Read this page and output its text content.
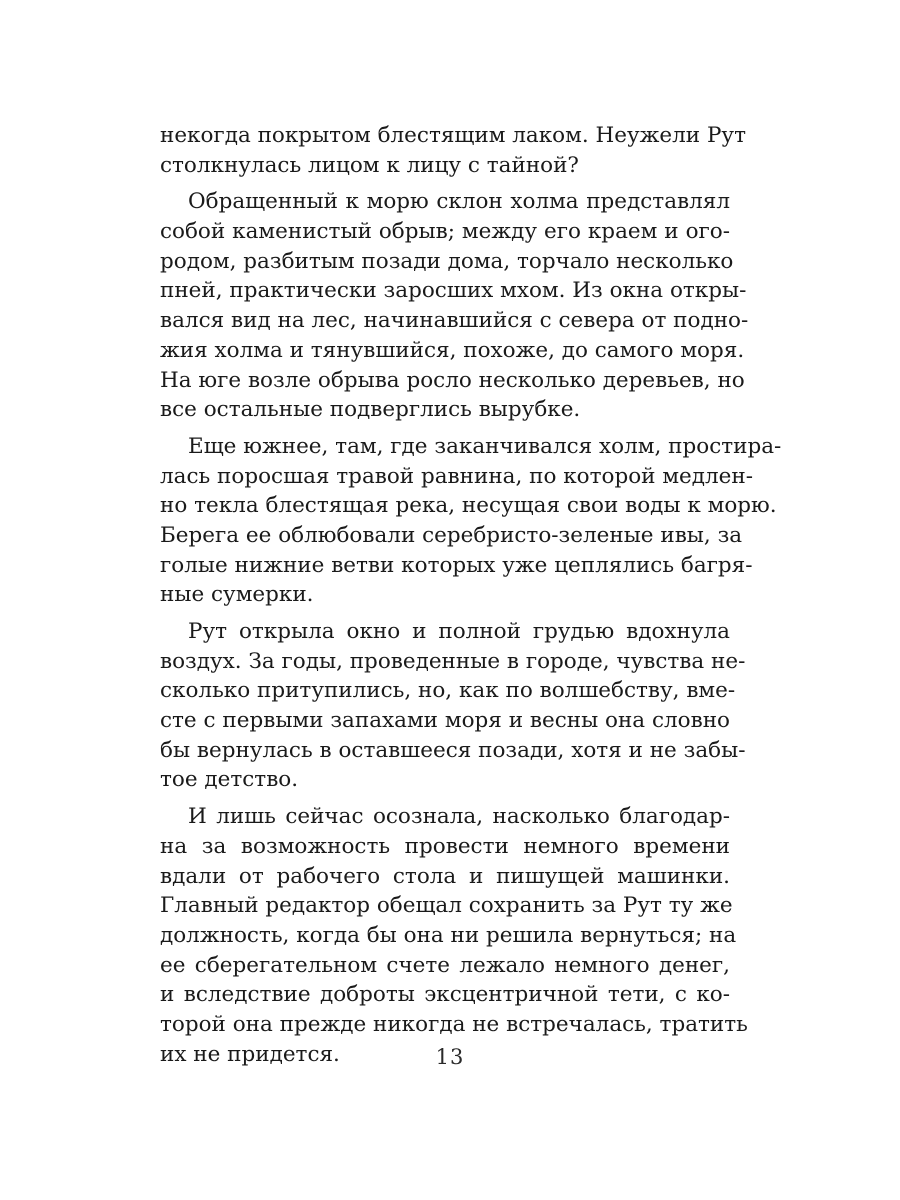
некогда покрытом блестящим лаком. Неужели Рут
столкнулась лицом к лицу с тайной?
Обращенный к морю склон холма представлял
собой каменистый обрыв; между его краем и ого-
родом, разбитым позади дома, торчало несколько
пней, практически заросших мхом. Из окна откры-
вался вид на лес, начинавшийся с севера от подно-
жия холма и тянувшийся, похоже, до самого моря.
На юге возле обрыва росло несколько деревьев, но
все остальные подверглись вырубке.
Еще южнее, там, где заканчивался холм, простира-
лась поросшая травой равнина, по которой медлен-
но текла блестящая река, несущая свои воды к морю.
Берега ее облюбовали серебристо-зеленые ивы, за
голые нижние ветви которых уже цеплялись багря-
ные сумерки.
Рут открыла окно и полной грудью вдохнула
воздух. За годы, проведенные в городе, чувства не-
сколько притупились, но, как по волшебству, вме-
сте с первыми запахами моря и весны она словно
бы вернулась в оставшееся позади, хотя и не забы-
тое детство.
И лишь сейчас осознала, насколько благодар-
на за возможность провести немного времени
вдали от рабочего стола и пишущей машинки.
Главный редактор обещал сохранить за Рут ту же
должность, когда бы она ни решила вернуться; на
ее сберегательном счете лежало немного денег,
и вследствие доброты эксцентричной тети, с ко-
торой она прежде никогда не встречалась, тратить
их не придется.	13
